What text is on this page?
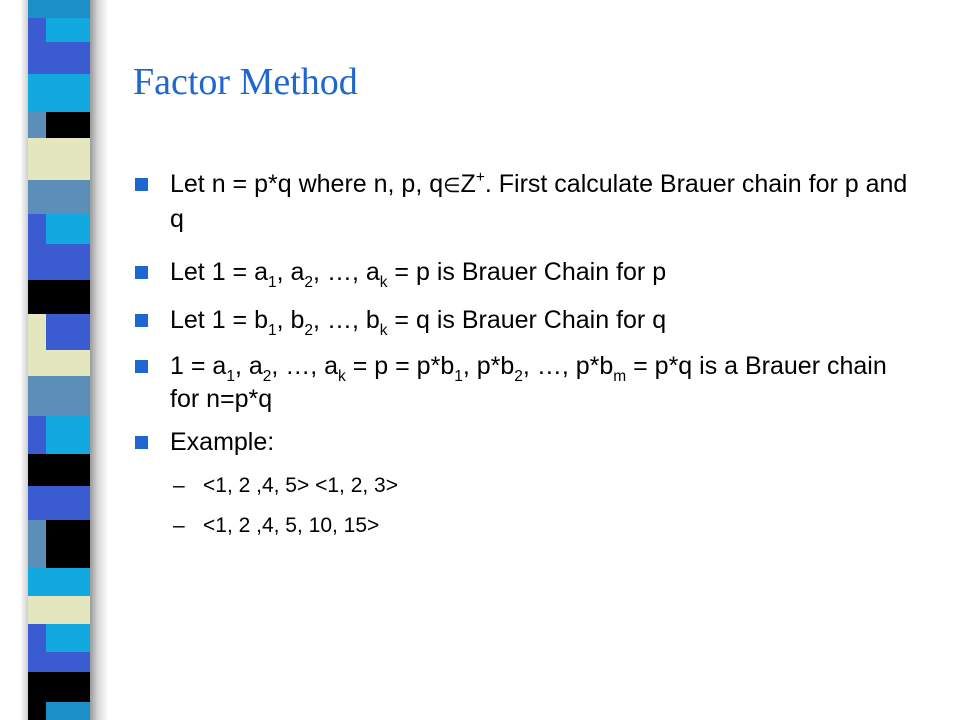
Factor Method
Let n = p*q where n, p, q∈Z+. First calculate Brauer chain for p and q
Let $1 = a_1$, $a_2$, …, $a_k = p$ is Brauer Chain for p
Let $1 = b_1$, $b_2$, …, $b_k = q$ is Brauer Chain for q
$1 = a_1$, $a_2$, …, $a_k = p = p*b_1$, $p*b_2$, …, $p*b_m = p*q$ is a Brauer chain for n=p*q
Example:
– <1, 2 ,4, 5> <1, 2, 3>
– <1, 2 ,4, 5, 10, 15>
